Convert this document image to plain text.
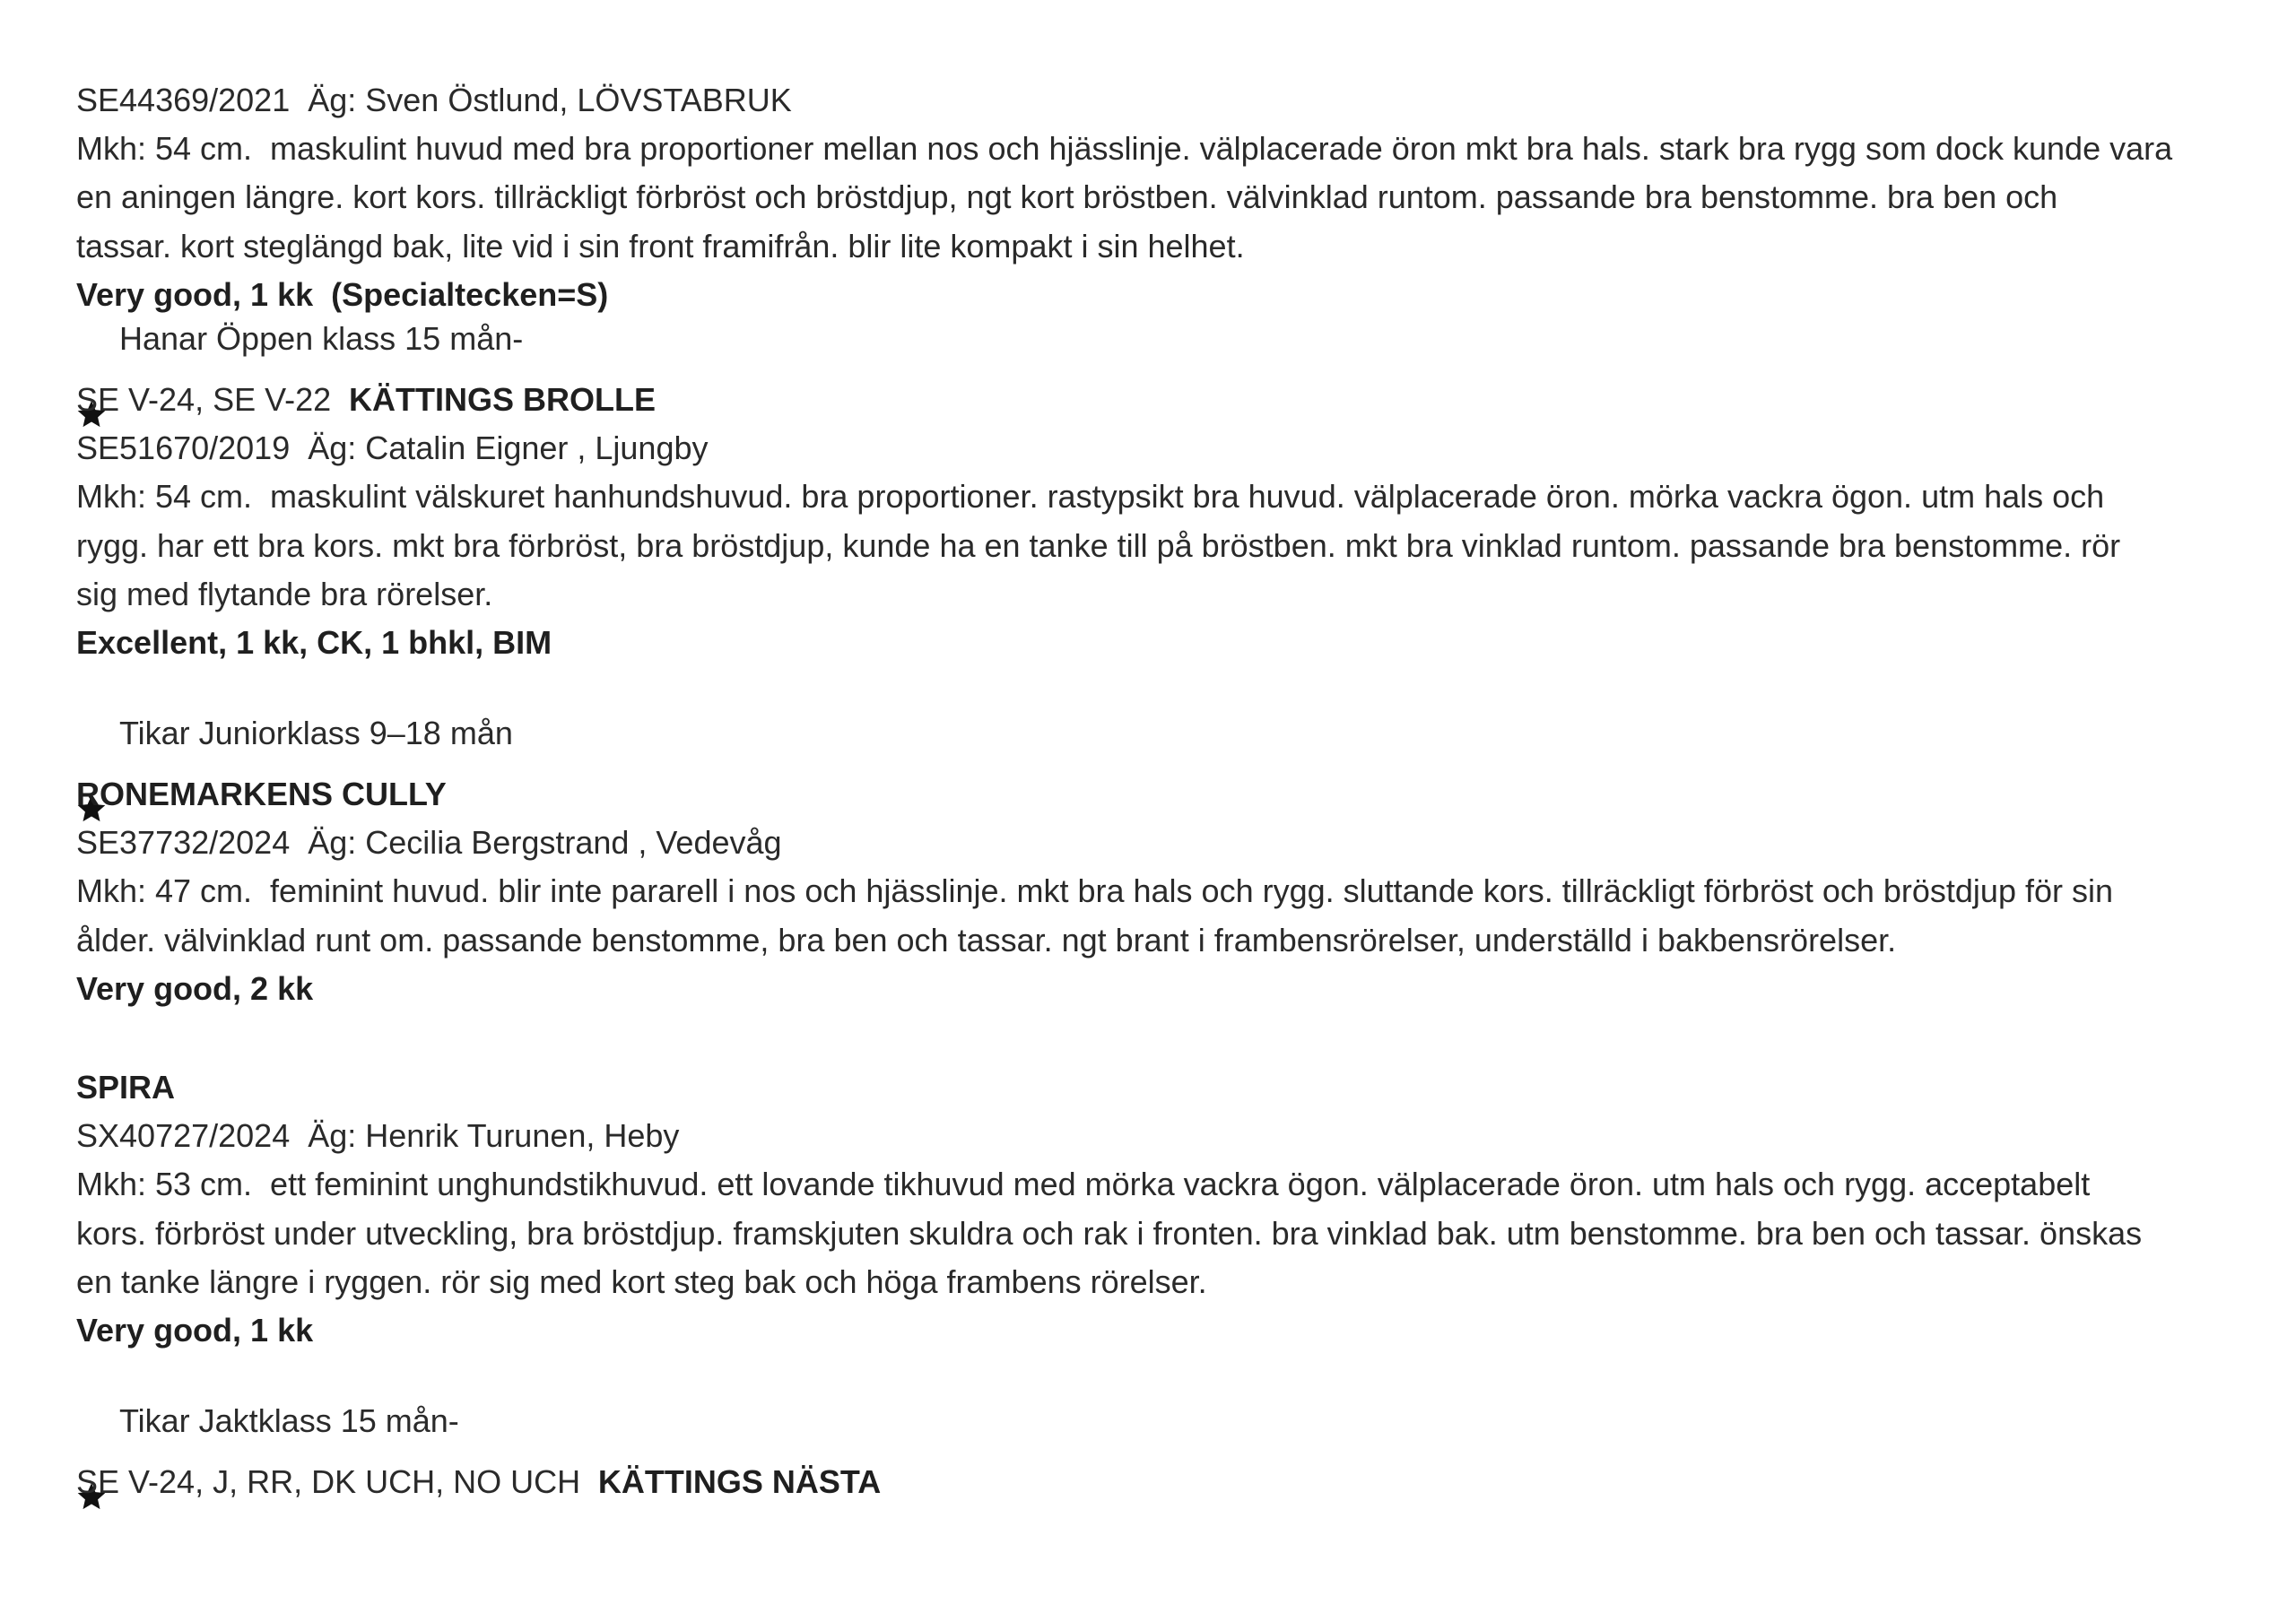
SE44369/2021  Äg: Sven Östlund, LÖVSTABRUK
Mkh: 54 cm.  maskulint huvud med bra proportioner mellan nos och hjässlinje. välplacerade öron mkt bra hals. stark bra rygg som dock kunde vara
en aningen längre. kort kors. tillräckligt förbröst och bröstdjup, ngt kort bröstben. välvinklad runtom. passande bra benstomme. bra ben och
tassar. kort steglängd bak, lite vid i sin front framifrån. blir lite kompakt i sin helhet.
Very good, 1 kk  (Specialtecken=S)

Hanar Öppen klass 15 mån-
SE V-24, SE V-22 KÄTTINGS BROLLE
SE51670/2019  Äg: Catalin Eigner , Ljungby
Mkh: 54 cm.  maskulint välskuret hanhundshuvud. bra proportioner. rastypsikt bra huvud. välplacerade öron. mörka vackra ögon. utm hals och
rygg. har ett bra kors. mkt bra förbröst, bra bröstdjup, kunde ha en tanke till på bröstben. mkt bra vinklad runtom. passande bra benstomme. rör
sig med flytande bra rörelser.
Excellent, 1 kk, CK, 1 bhkl, BIM

Tikar Juniorklass 9–18 mån
RONEMARKENS CULLY
SE37732/2024  Äg: Cecilia Bergstrand , Vedevåg
Mkh: 47 cm.  feminint huvud. blir inte pararell i nos och hjässlinje. mkt bra hals och rygg. sluttande kors. tillräckligt förbröst och bröstdjup för sin
ålder. välvinklad runt om. passande benstomme, bra ben och tassar. ngt brant i frambensrörelser, underställd i bakbensrörelser.
Very good, 2 kk
SPIRA
SX40727/2024  Äg: Henrik Turunen, Heby
Mkh: 53 cm.  ett feminint unghundstikhuvud. ett lovande tikhuvud med mörka vackra ögon. välplacerade öron. utm hals och rygg. acceptabelt
kors. förbröst under utveckling, bra bröstdjup. framskjuten skuldra och rak i fronten. bra vinklad bak. utm benstomme. bra ben och tassar. önskas
en tanke längre i ryggen. rör sig med kort steg bak och höga frambens rörelser.
Very good, 1 kk

Tikar Jaktklass 15 mån-
SE V-24, J, RR, DK UCH, NO UCH KÄTTINGS NÄSTA
